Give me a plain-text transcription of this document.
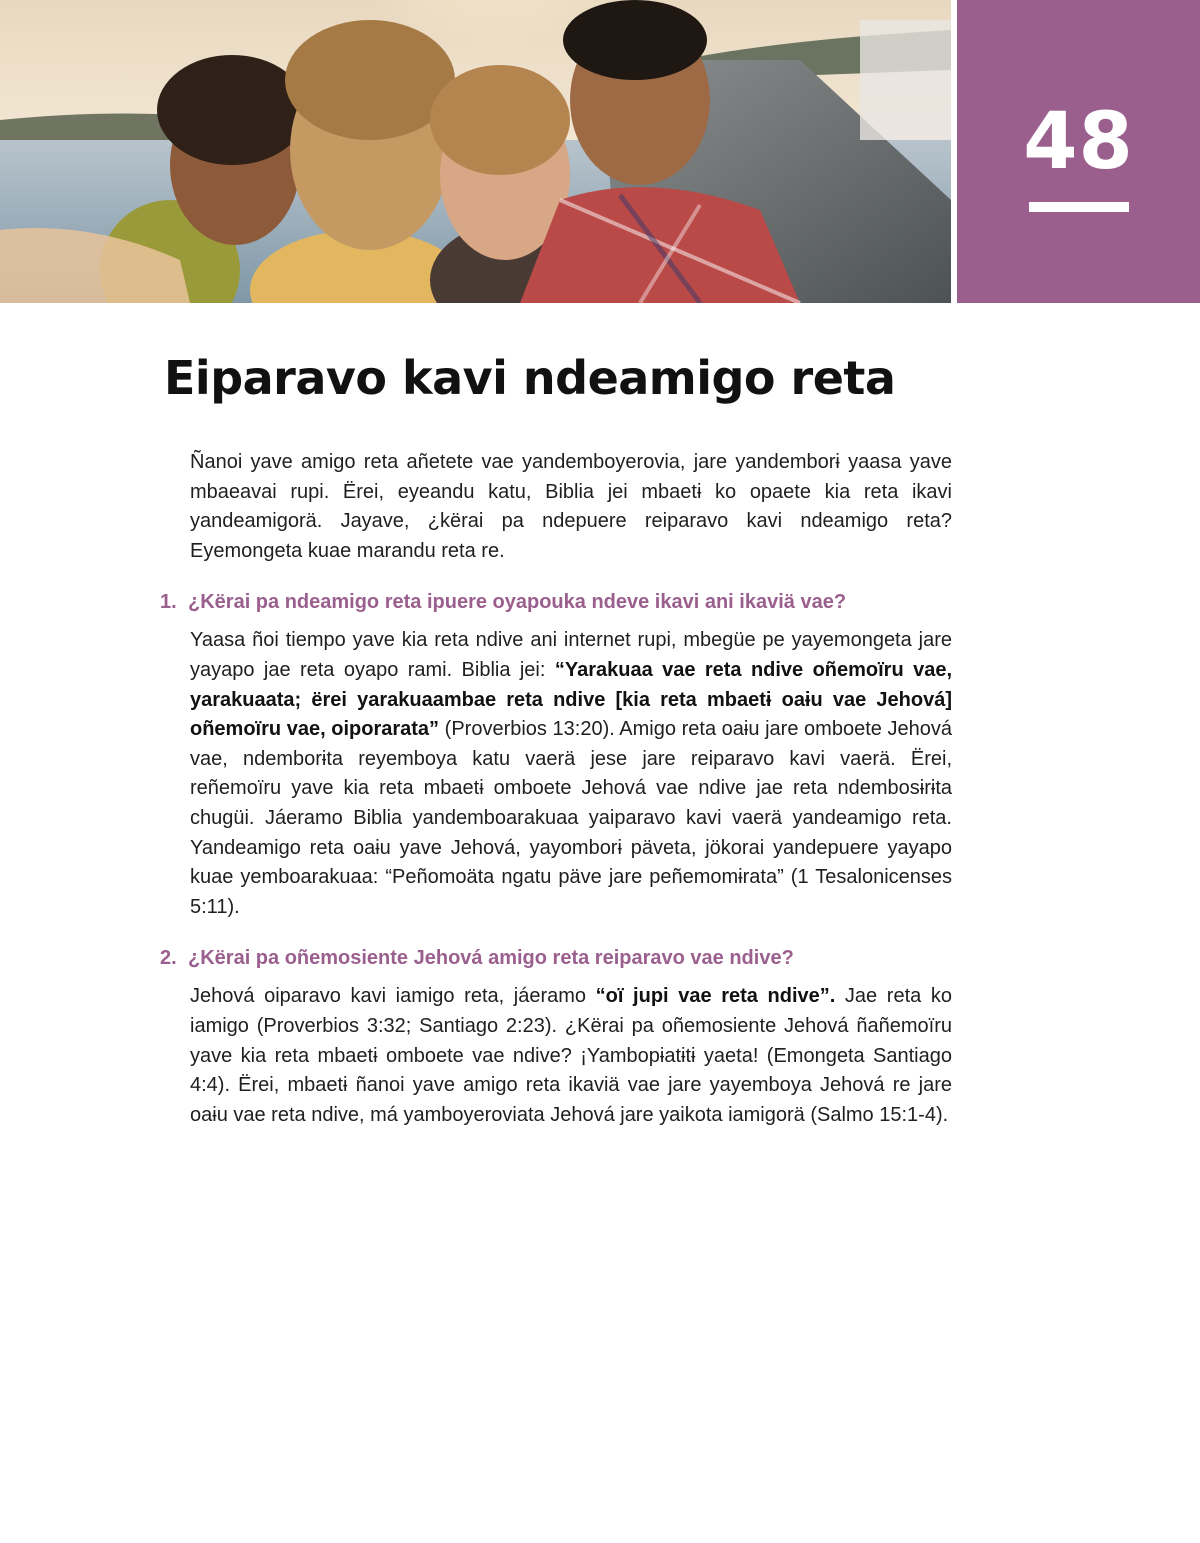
48
Eiparavo kavi ndeamigo reta

Ñanoi yave amigo reta añetete vae yandemboyerovia, jare yandemborɨ yaasa yave mbaeavai rupi. Ërei, eyeandu katu, Biblia jei mbaetɨ ko opaete kia reta ikavi yandeamigorä. Jayave, ¿kërai pa ndepuere reiparavo kavi ndeamigo reta? Eyemongeta kuae marandu reta re.

1. ¿Kërai pa ndeamigo reta ipuere oyapouka ndeve ikavi ani ikaviä vae?

Yaasa ñoi tiempo yave kia reta ndive ani internet rupi, mbegüe pe yayemongeta jare yayapo jae reta oyapo rami. Biblia jei: “Yarakuaa vae reta ndive oñemoïru vae, yarakuaata; ërei yarakuaambae reta ndive [kia reta mbaetɨ oaɨu vae Jehová] oñemoïru vae, oiporarata” (Proverbios 13:20). Amigo reta oaɨu jare omboete Jehová vae, ndemborɨta reyemboya katu vaerä jese jare reiparavo kavi vaerä. Ërei, reñemoïru yave kia reta mbaetɨ omboete Jehová vae ndive jae reta ndembosɨrɨta chugüi. Jáeramo Biblia yandemboarakuaa yaiparavo kavi vaerä yandeamigo reta. Yandeamigo reta oaɨu yave Jehová, yayomborɨ päveta, jökorai yandepuere yayapo kuae yemboarakuaa: “Peñomoäta ngatu päve jare peñemomɨrata” (1 Tesalonicenses 5:11).

2. ¿Kërai pa oñemosiente Jehová amigo reta reiparavo vae ndive?

Jehová oiparavo kavi iamigo reta, jáeramo “oï jupi vae reta ndive”. Jae reta ko iamigo (Proverbios 3:32; Santiago 2:23). ¿Kërai pa oñemosiente Jehová ñañemoïru yave kia reta mbaetɨ omboete vae ndive? ¡Yambopɨatɨtɨ yaeta! (Emongeta Santiago 4:4). Ërei, mbaetɨ ñanoi yave amigo reta ikaviä vae jare yayemboya Jehová re jare oaɨu vae reta ndive, má yamboyeroviata Jehová jare yaikota iamigorä (Salmo 15:1-4).
